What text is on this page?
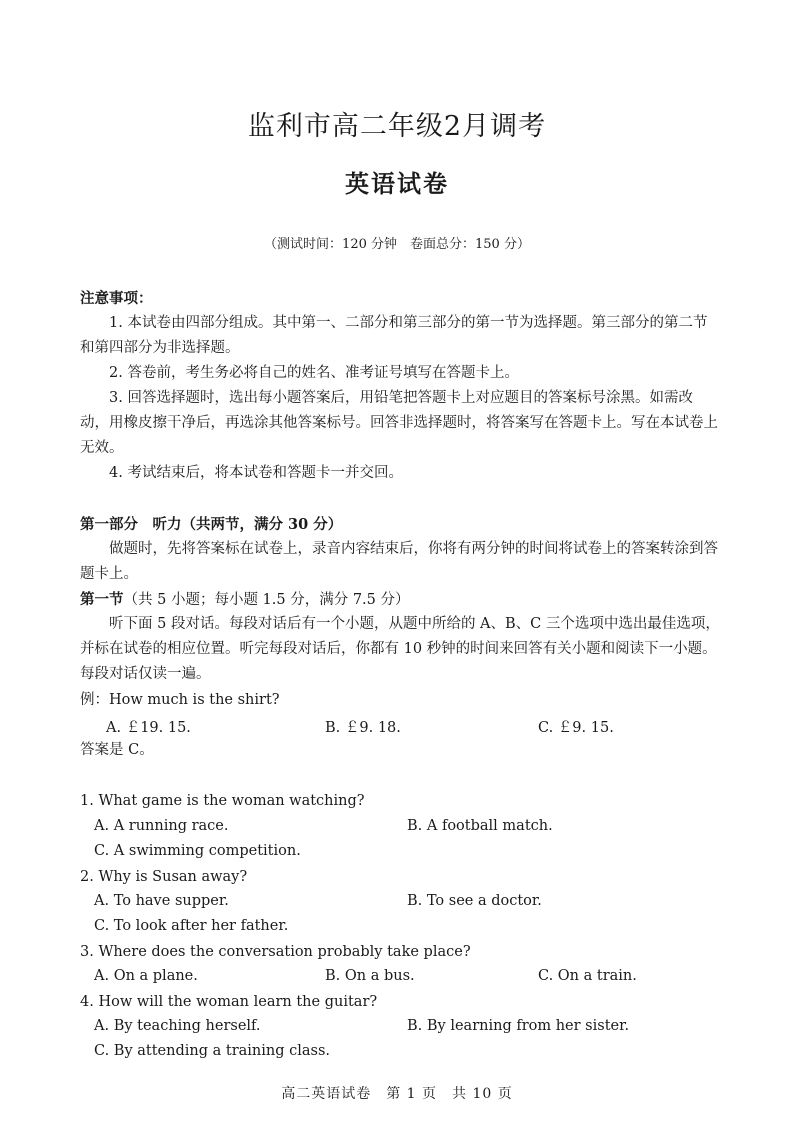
监利市高二年级2月调考
英语试卷
（测试时间：120 分钟　卷面总分：150 分）
注意事项：
1. 本试卷由四部分组成。其中第一、二部分和第三部分的第一节为选择题。第三部分的第二节和第四部分为非选择题。
2. 答卷前，考生务必将自己的姓名、准考证号填写在答题卡上。
3. 回答选择题时，选出每小题答案后，用铅笔把答题卡上对应题目的答案标号涂黑。如需改动，用橡皮擦干净后，再选涂其他答案标号。回答非选择题时，将答案写在答题卡上。写在本试卷上无效。
4. 考试结束后，将本试卷和答题卡一并交回。
第一部分　听力（共两节，满分 30 分）
做题时，先将答案标在试卷上，录音内容结束后，你将有两分钟的时间将试卷上的答案转涂到答题卡上。
第一节（共 5 小题；每小题 1.5 分，满分 7.5 分）
听下面 5 段对话。每段对话后有一个小题，从题中所给的 A、B、C 三个选项中选出最佳选项，并标在试卷的相应位置。听完每段对话后，你都有 10 秒钟的时间来回答有关小题和阅读下一小题。每段对话仅读一遍。
例：How much is the shirt?
A. ￡19. 15.	B. ￡9. 18.	C. ￡9. 15.
答案是 C。
1. What game is the woman watching?
A. A running race.	B. A football match.
C. A swimming competition.
2. Why is Susan away?
A. To have supper.	B. To see a doctor.
C. To look after her father.
3. Where does the conversation probably take place?
A. On a plane.	B. On a bus.	C. On a train.
4. How will the woman learn the guitar?
A. By teaching herself.	B. By learning from her sister.
C. By attending a training class.
高二英语试卷　第 1 页　共 10 页
